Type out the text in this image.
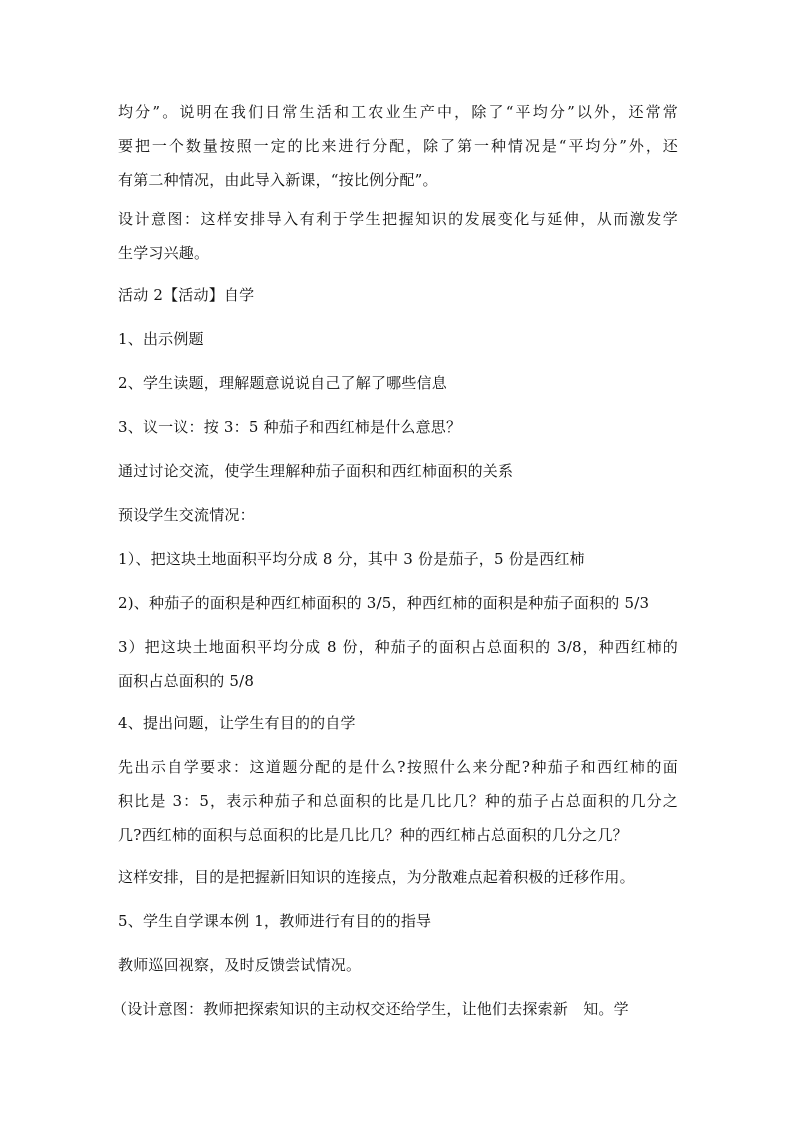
均分”。说明在我们日常生活和工农业生产中，除了“平均分”以外，还常常
要把一个数量按照一定的比来进行分配，除了第一种情况是“平均分”外，还
有第二种情况，由此导入新课，“按比例分配”。
设计意图：这样安排导入有利于学生把握知识的发展变化与延伸，从而激发学
生学习兴趣。
活动 2【活动】自学
1、出示例题
2、学生读题，理解题意说说自己了解了哪些信息
3、议一议：按 3：5 种茄子和西红柿是什么意思？
通过讨论交流，使学生理解种茄子面积和西红柿面积的关系
预设学生交流情况：
1）、把这块土地面积平均分成 8 分，其中 3 份是茄子，5 份是西红柿
2)、种茄子的面积是种西红柿面积的 3/5，种西红柿的面积是种茄子面积的 5/3
3）把这块土地面积平均分成 8 份，种茄子的面积占总面积的 3/8，种西红柿的
面积占总面积的 5/8
4、提出问题，让学生有目的的自学
先出示自学要求：这道题分配的是什么?按照什么来分配?种茄子和西红柿的面
积比是 3：5，表示种茄子和总面积的比是几比几？种的茄子占总面积的几分之
几?西红柿的面积与总面积的比是几比几？种的西红柿占总面积的几分之几？
这样安排，目的是把握新旧知识的连接点，为分散难点起着积极的迁移作用。
5、学生自学课本例 1，教师进行有目的的指导
教师巡回视察，及时反馈尝试情况。
（设计意图：教师把探索知识的主动权交还给学生，让他们去探索新　知。学
